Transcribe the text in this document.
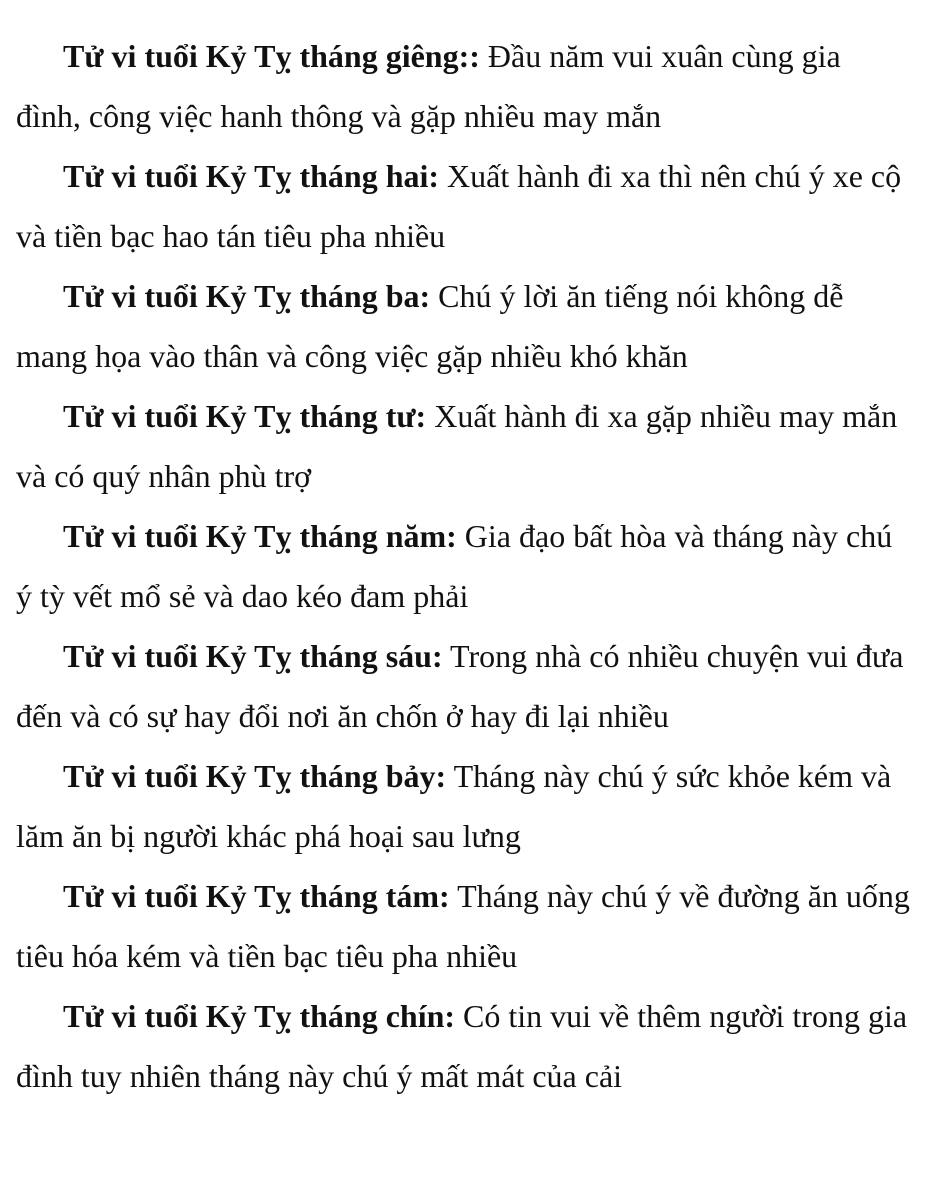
Tử vi tuổi Kỷ Tỵ tháng giêng:: Đầu năm vui xuân cùng gia đình, công việc hanh thông và gặp nhiều may mắn

Tử vi tuổi Kỷ Tỵ tháng hai: Xuất hành đi xa thì nên chú ý xe cộ và tiền bạc hao tán tiêu pha nhiều

Tử vi tuổi Kỷ Tỵ tháng ba: Chú ý lời ăn tiếng nói không dễ mang họa vào thân và công việc gặp nhiều khó khăn

Tử vi tuổi Kỷ Tỵ tháng tư: Xuất hành đi xa gặp nhiều may mắn và có quý nhân phù trợ

Tử vi tuổi Kỷ Tỵ tháng năm: Gia đạo bất hòa và tháng này chú ý tỳ vết mổ sẻ và dao kéo đam phải

Tử vi tuổi Kỷ Tỵ tháng sáu: Trong nhà có nhiều chuyện vui đưa đến và có sự hay đổi nơi ăn chốn ở hay đi lại nhiều

Tử vi tuổi Kỷ Tỵ tháng bảy: Tháng này chú ý sức khỏe kém và lăm ăn bị người khác phá hoại sau lưng

Tử vi tuổi Kỷ Tỵ tháng tám: Tháng này chú ý về đường ăn uống tiêu hóa kém và tiền bạc tiêu pha nhiều

Tử vi tuổi Kỷ Tỵ tháng chín: Có tin vui về thêm người trong gia đình tuy nhiên tháng này chú ý mất mát của cải
